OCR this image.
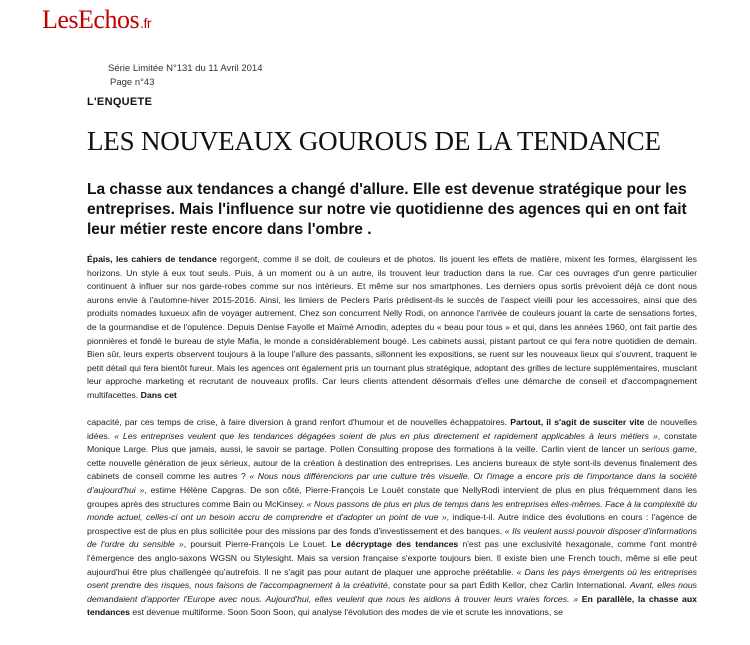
LesEchos.fr
Série Limitée N°131 du 11 Avril 2014
Page n°43
L'ENQUETE
LES NOUVEAUX GOUROUS DE LA TENDANCE
La chasse aux tendances a changé d'allure. Elle est devenue stratégique pour les entreprises. Mais l'influence sur notre vie quotidienne des agences qui en ont fait leur métier reste encore dans l'ombre .
Épais, les cahiers de tendance regorgent, comme il se doit, de couleurs et de photos. Ils jouent les effets de matière, mixent les formes, élargissent les horizons. Un style à eux tout seuls. Puis, à un moment ou à un autre, ils trouvent leur traduction dans la rue. Car ces ouvrages d'un genre particulier continuent à influer sur nos garde-robes comme sur nos intérieurs. Et même sur nos smartphones. Les derniers opus sortis prévoient déjà ce dont nous aurons envie à l'automne-hiver 2015-2016. Ainsi, les limiers de Peclers Paris prédisent-ils le succès de l'aspect vieilli pour les accessoires, ainsi que des produits nomades luxueux afin de voyager autrement. Chez son concurrent Nelly Rodi, on annonce l'arrivée de couleurs jouant la carte de sensations fortes, de la gourmandise et de l'opulence. Depuis Denise Fayolle et Maïmé Arnodin, adeptes du « beau pour tous » et qui, dans les années 1960, ont fait partie des pionnières et fondé le bureau de style Mafia, le monde a considérablement bougé. Les cabinets aussi, pistant partout ce qui fera notre quotidien de demain. Bien sûr, leurs experts observent toujours à la loupe l'allure des passants, sillonnent les expositions, se ruent sur les nouveaux lieux qui s'ouvrent, traquent le petit détail qui fera bientôt fureur. Mais les agences ont également pris un tournant plus stratégique, adoptant des grilles de lecture supplémentaires, musclant leur approche marketing et recrutant de nouveaux profils. Car leurs clients attendent désormais d'elles une démarche de conseil et d'accompagnement multifacettes. Dans cet
capacité, par ces temps de crise, à faire diversion à grand renfort d'humour et de nouvelles échappatoires. Partout, il s'agit de susciter vite de nouvelles idées. « Les entreprises veulent que les tendances dégagées soient de plus en plus directement et rapidement applicables à leurs métiers », constate Monique Large. Plus que jamais, aussi, le savoir se partage. Pollen Consulting propose des formations à la veille. Carlin vient de lancer un serious game, cette nouvelle génération de jeux sérieux, autour de la création à destination des entreprises. Les anciens bureaux de style sont-ils devenus finalement des cabinets de conseil comme les autres ? « Nous nous différencions par une culture très visuelle. Or l'image a encore pris de l'importance dans la société d'aujourd'hui », estime Hélène Capgras. De son côté, Pierre-François Le Louët constate que NellyRodi intervient de plus en plus fréquemment dans les groupes après des structures comme Bain ou McKinsey. « Nous passons de plus en plus de temps dans les entreprises elles-mêmes. Face à la complexité du monde actuel, celles-ci ont un besoin accru de comprendre et d'adopter un point de vue », indique-t-il. Autre indice des évolutions en cours : l'agence de prospective est de plus en plus sollicitée pour des missions par des fonds d'investissement et des banques. « Ils veulent aussi pouvoir disposer d'informations de l'ordre du sensible », poursuit Pierre-François Le Louet. Le décryptage des tendances n'est pas une exclusivité hexagonale, comme l'ont montré l'émergence des anglo-saxons WGSN ou Stylesight. Mais sa version française s'exporte toujours bien. Il existe bien une French touch, même si elle peut aujourd'hui être plus challengée qu'autrefois. Il ne s'agit pas pour autant de plaquer une approche préétablie. « Dans les pays émergents où les entreprises osent prendre des risques, nous faisons de l'accompagnement à la créativité, constate pour sa part Édith Kellor, chez Carlin International. Avant, elles nous demandaient d'apporter l'Europe avec nous. Aujourd'hui, elles veulent que nous les aidions à trouver leurs vraies forces. » En parallèle, la chasse aux tendances est devenue multiforme. Soon Soon Soon, qui analyse l'évolution des modes de vie et scrute les innovations, se
